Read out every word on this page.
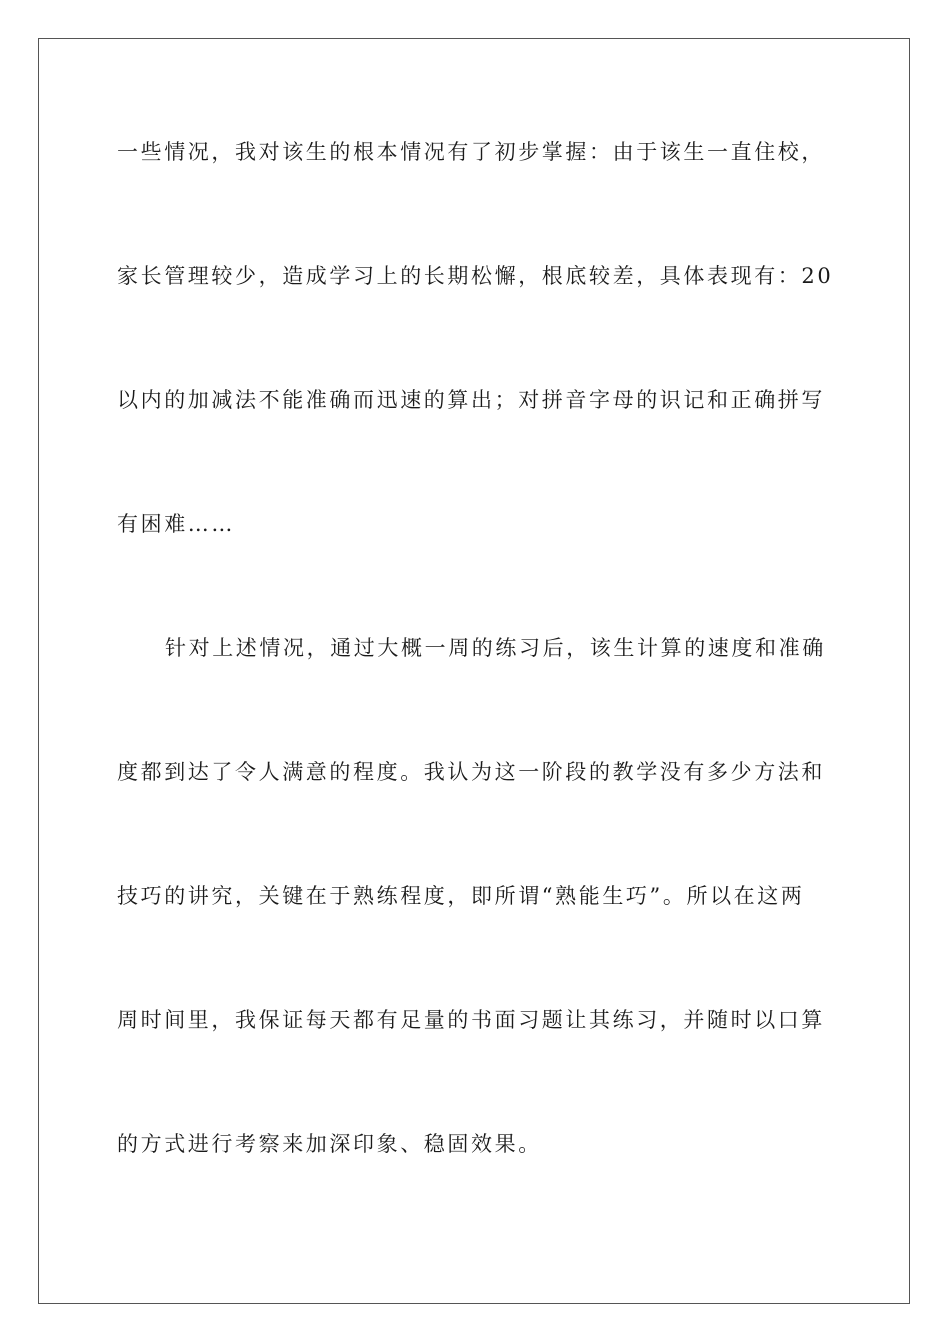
一些情况，我对该生的根本情况有了初步掌握：由于该生一直住校，
家长管理较少，造成学习上的长期松懈，根底较差，具体表现有：20
以内的加减法不能准确而迅速的算出；对拼音字母的识记和正确拼写
有困难……
针对上述情况，通过大概一周的练习后，该生计算的速度和准确
度都到达了令人满意的程度。我认为这一阶段的教学没有多少方法和
技巧的讲究，关键在于熟练程度，即所谓“熟能生巧”。所以在这两
周时间里，我保证每天都有足量的书面习题让其练习，并随时以口算
的方式进行考察来加深印象、稳固效果。
